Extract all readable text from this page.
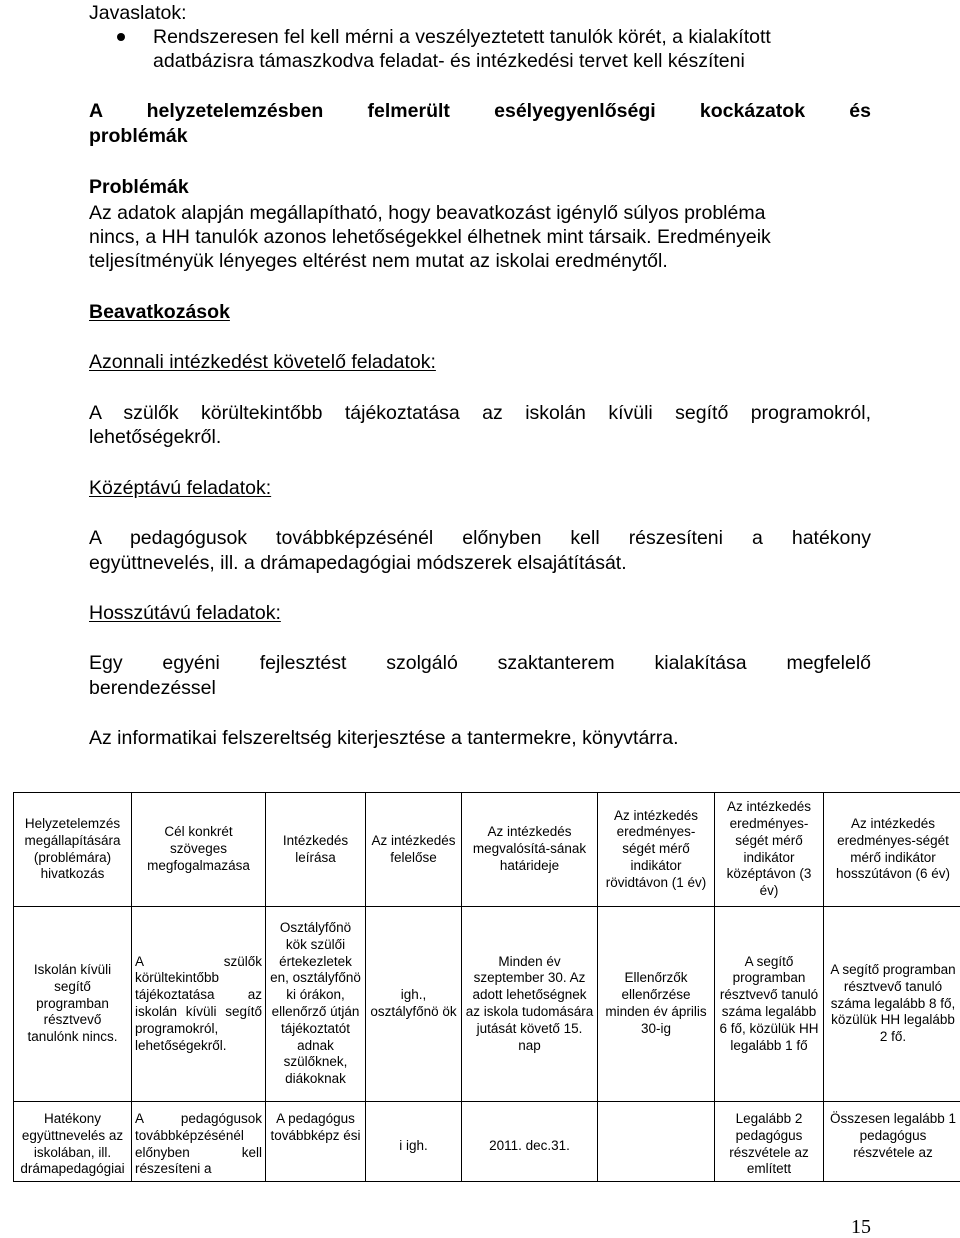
Javaslatok:

Rendszeresen fel kell mérni a veszélyeztetett tanulók körét, a kialakított

adatbázisra támaszkodva feladat- és intézkedési tervet kell készíteni

A helyzetelemzésben felmerült esélyegyenlőségi kockázatok és

problémák

Problémák

Az adatok alapján megállapítható, hogy beavatkozást igénylő súlyos probléma

nincs, a HH tanulók azonos lehetőségekkel élhetnek mint társaik. Eredményeik

teljesítményük lényeges eltérést nem mutat az iskolai eredménytől.

Beavatkozások

Azonnali intézkedést követelő feladatok:

A szülők körültekintőbb tájékoztatása az iskolán kívüli segítő programokról,

lehetőségekről.

Középtávú feladatok:

A pedagógusok továbbképzésénél előnyben kell részesíteni a hatékony

együttnevelés, ill. a drámapedagógiai módszerek elsajátítását.

Hosszútávú feladatok:

Egy egyéni fejlesztést szolgáló szaktanterem kialakítása megfelelő

berendezéssel

Az informatikai felszereltség kiterjesztése a tantermekre, könyvtárra.

Helyzetelemzés megállapítására (problémára) hivatkozás	Cél konkrét szöveges megfogalmazása	Intézkedés leírása	Az intézkedés felelőse	Az intézkedés megvalósítá-sának határideje	Az intézkedés eredményes-ségét mérő indikátor rövidtávon (1 év)	Az intézkedés eredményes-ségét mérő indikátor középtávon (3 év)	Az intézkedés eredményes-ségét mérő indikátor hosszútávon (6 év)
Iskolán kívüli segítő programban résztvevő tanulónk nincs.	A szülők körültekintőbb tájékoztatása az iskolán kívüli segítő programokról, lehetőségekről.	Osztályfőnö kök szülői értekezletek en, osztályfőnö ki órákon, ellenőrző útján tájékoztatót adnak szülőknek, diákoknak	igh., osztályfőnö ök	Minden év szeptember 30. Az adott lehetőségnek az iskola tudomására jutását követő 15. nap	Ellenőrzők ellenőrzése minden év április 30-ig	A segítő programban résztvevő tanuló száma legalább 6 fő, közülük HH legalább 1 fő	A segítő programban résztvevő tanuló száma legalább 8 fő, közülük HH legalább 2 fő.
Hatékony együttnevelés az iskolában, ill. drámapedagógiai	A pedagógusok továbbképzésénél előnyben kell részesíteni a	A pedagógus továbbképz ési	i igh.	2011. dec.31.		Legalább 2 pedagógus részvétele az említett	Összesen legalább 1 pedagógus részvétele az
15
